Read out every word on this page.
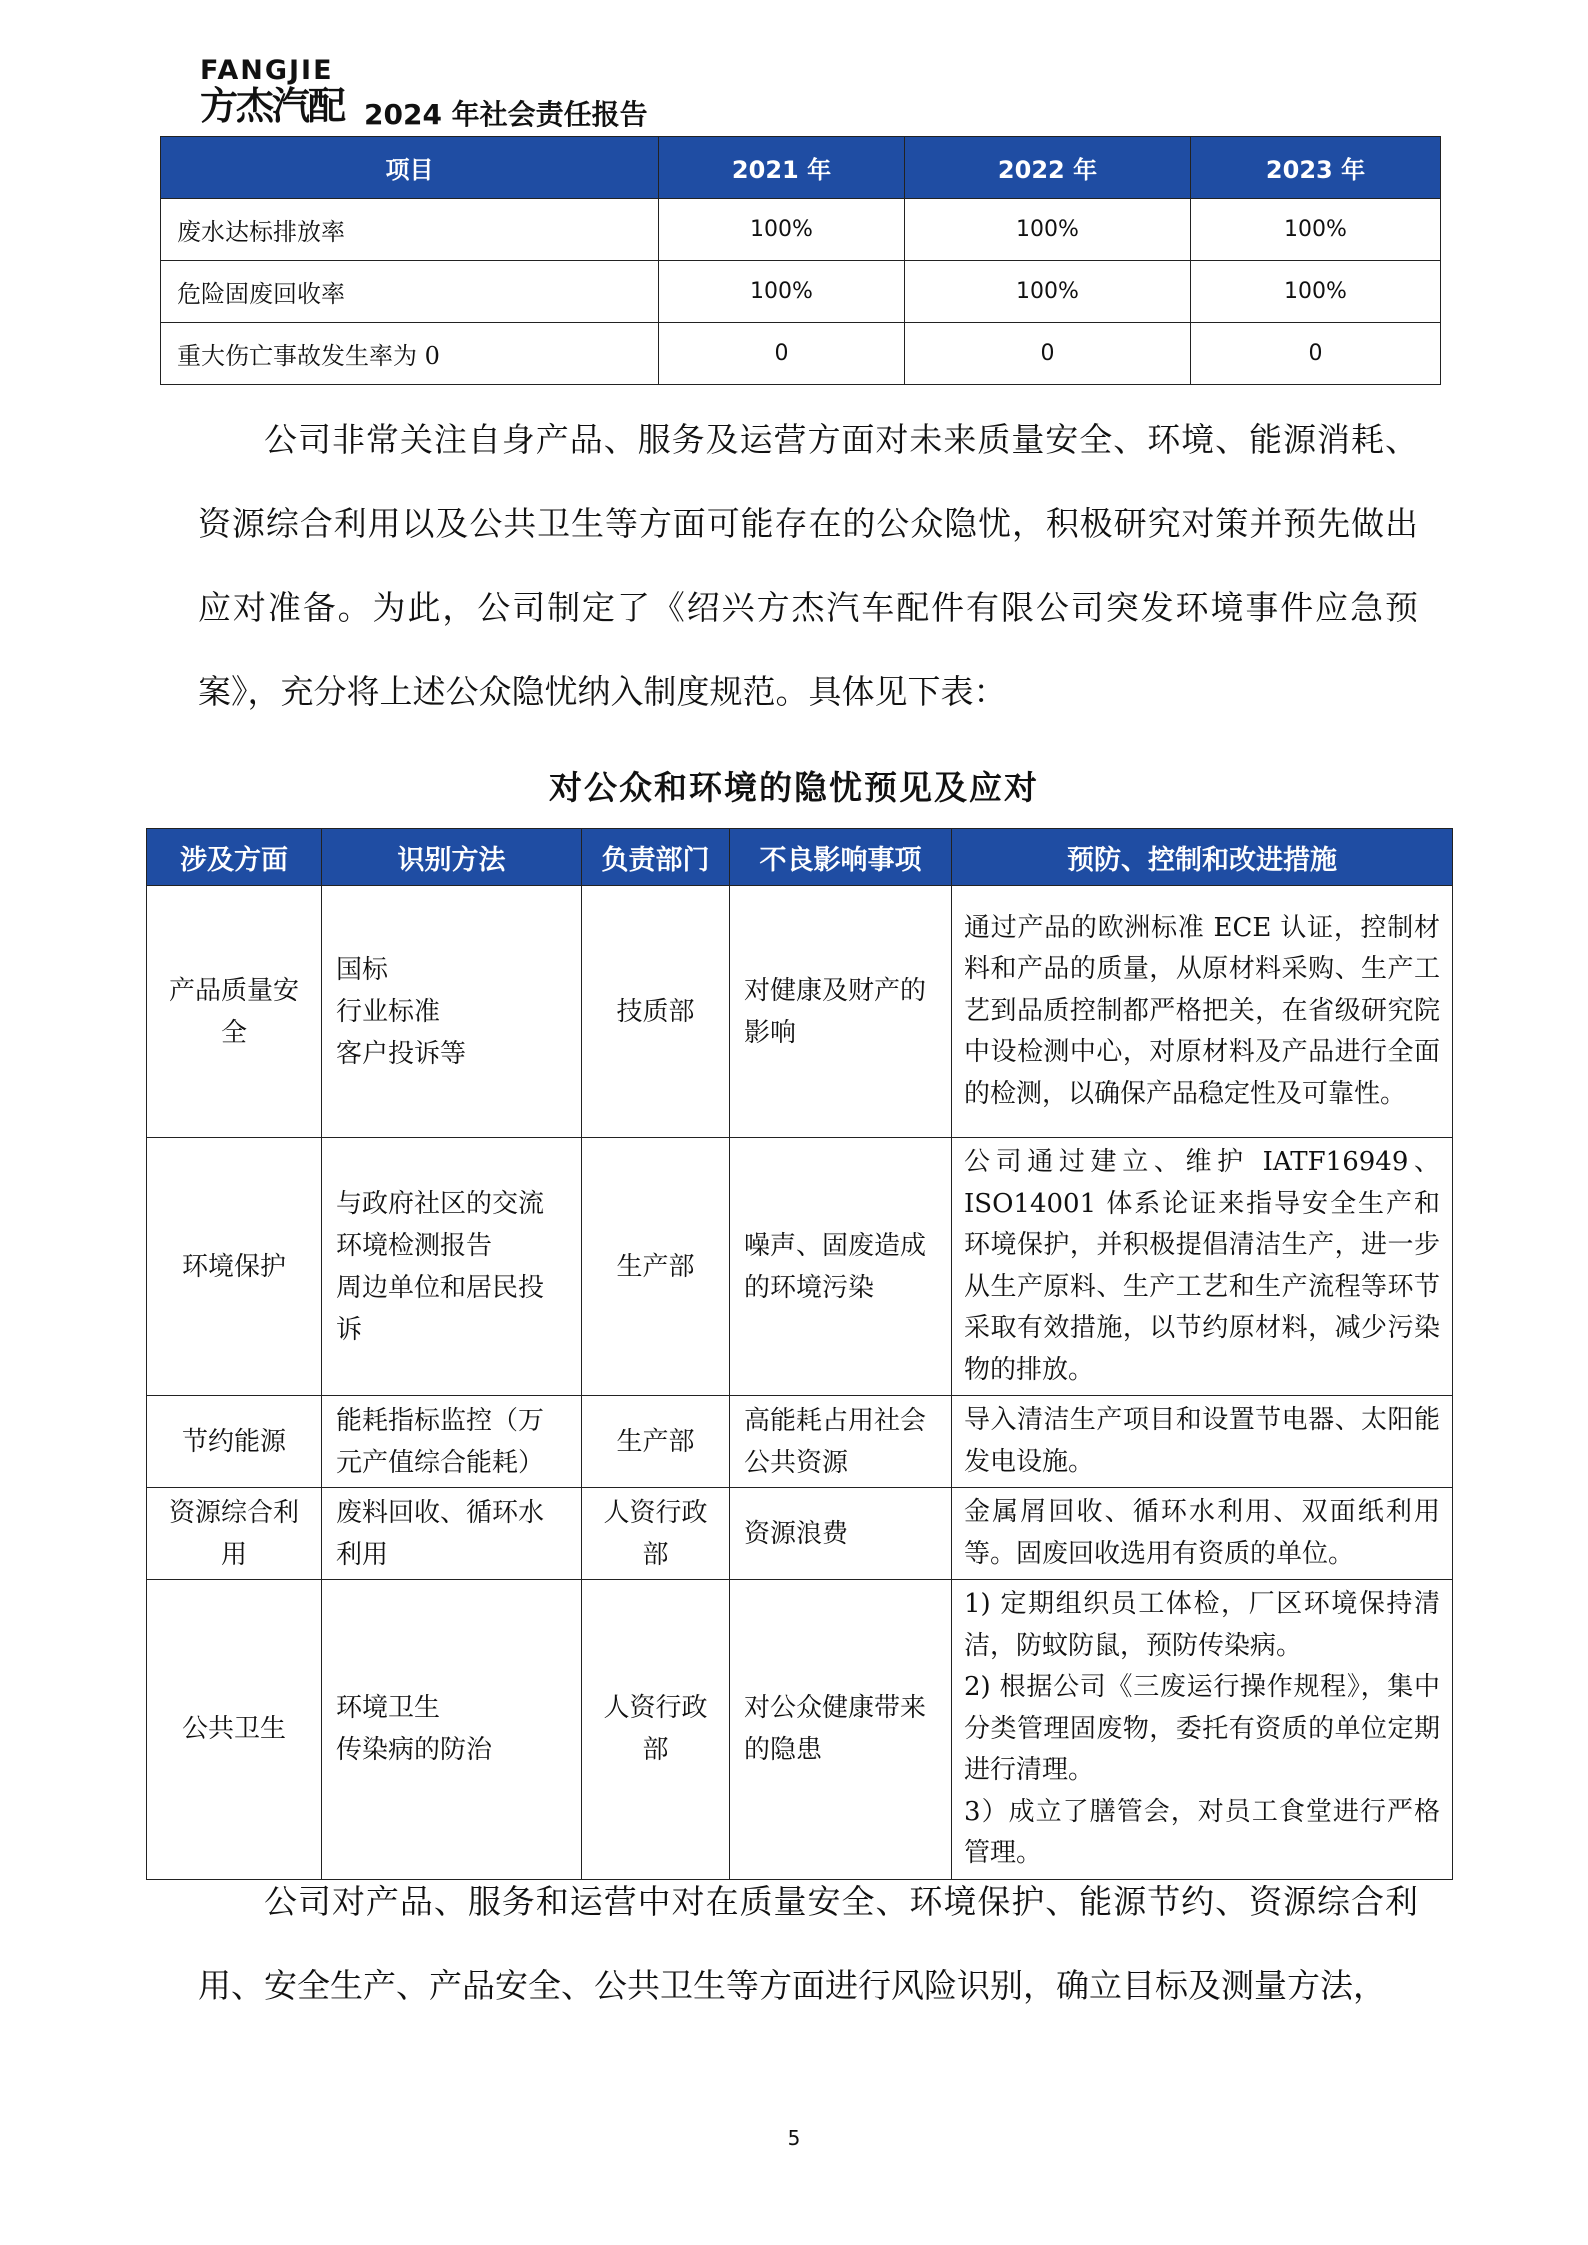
FANGJIE
方杰汽配 2024 年社会责任报告
项目	2021 年	2022 年	2023 年
废水达标排放率	100%	100%	100%
危险固废回收率	100%	100%	100%
重大伤亡事故发生率为 0	0	0	0

公司非常关注自身产品、服务及运营方面对未来质量安全、环境、能源消耗、资源综合利用以及公共卫生等方面可能存在的公众隐忧，积极研究对策并预先做出应对准备。为此，公司制定了《绍兴方杰汽车配件有限公司突发环境事件应急预案》，充分将上述公众隐忧纳入制度规范。具体见下表：

对公众和环境的隐忧预见及应对
涉及方面	识别方法	负责部门	不良影响事项	预防、控制和改进措施
产品质量安全	国标
行业标准
客户投诉等	技质部	对健康及财产的影响	通过产品的欧洲标准 ECE 认证，控制材料和产品的质量，从原材料采购、生产工艺到品质控制都严格把关，在省级研究院中设检测中心，对原材料及产品进行全面的检测，以确保产品稳定性及可靠性。

环境保护	与政府社区的交流
环境检测报告
周边单位和居民投诉	生产部	噪声、固废造成的环境污染	公司通过建立、维护 IATF16949、ISO14001 体系论证来指导安全生产和环境保护，并积极提倡清洁生产，进一步从生产原料、生产工艺和生产流程等环节采取有效措施，以节约原材料，减少污染物的排放。

节约能源	能耗指标监控（万元产值综合能耗）	生产部	高能耗占用社会公共资源	导入清洁生产项目和设置节电器、太阳能发电设施。

资源综合利用	废料回收、循环水利用	人资行政部	资源浪费	金属屑回收、循环水利用、双面纸利用等。固废回收选用有资质的单位。

公共卫生	环境卫生
传染病的防治	人资行政部	对公众健康带来的隐患	1) 定期组织员工体检，厂区环境保持清洁，防蚊防鼠，预防传染病。
2) 根据公司《三废运行操作规程》，集中分类管理固废物，委托有资质的单位定期进行清理。
3）成立了膳管会，对员工食堂进行严格管理。

公司对产品、服务和运营中对在质量安全、环境保护、能源节约、资源综合利用、安全生产、产品安全、公共卫生等方面进行风险识别，确立目标及测量方法，

5
